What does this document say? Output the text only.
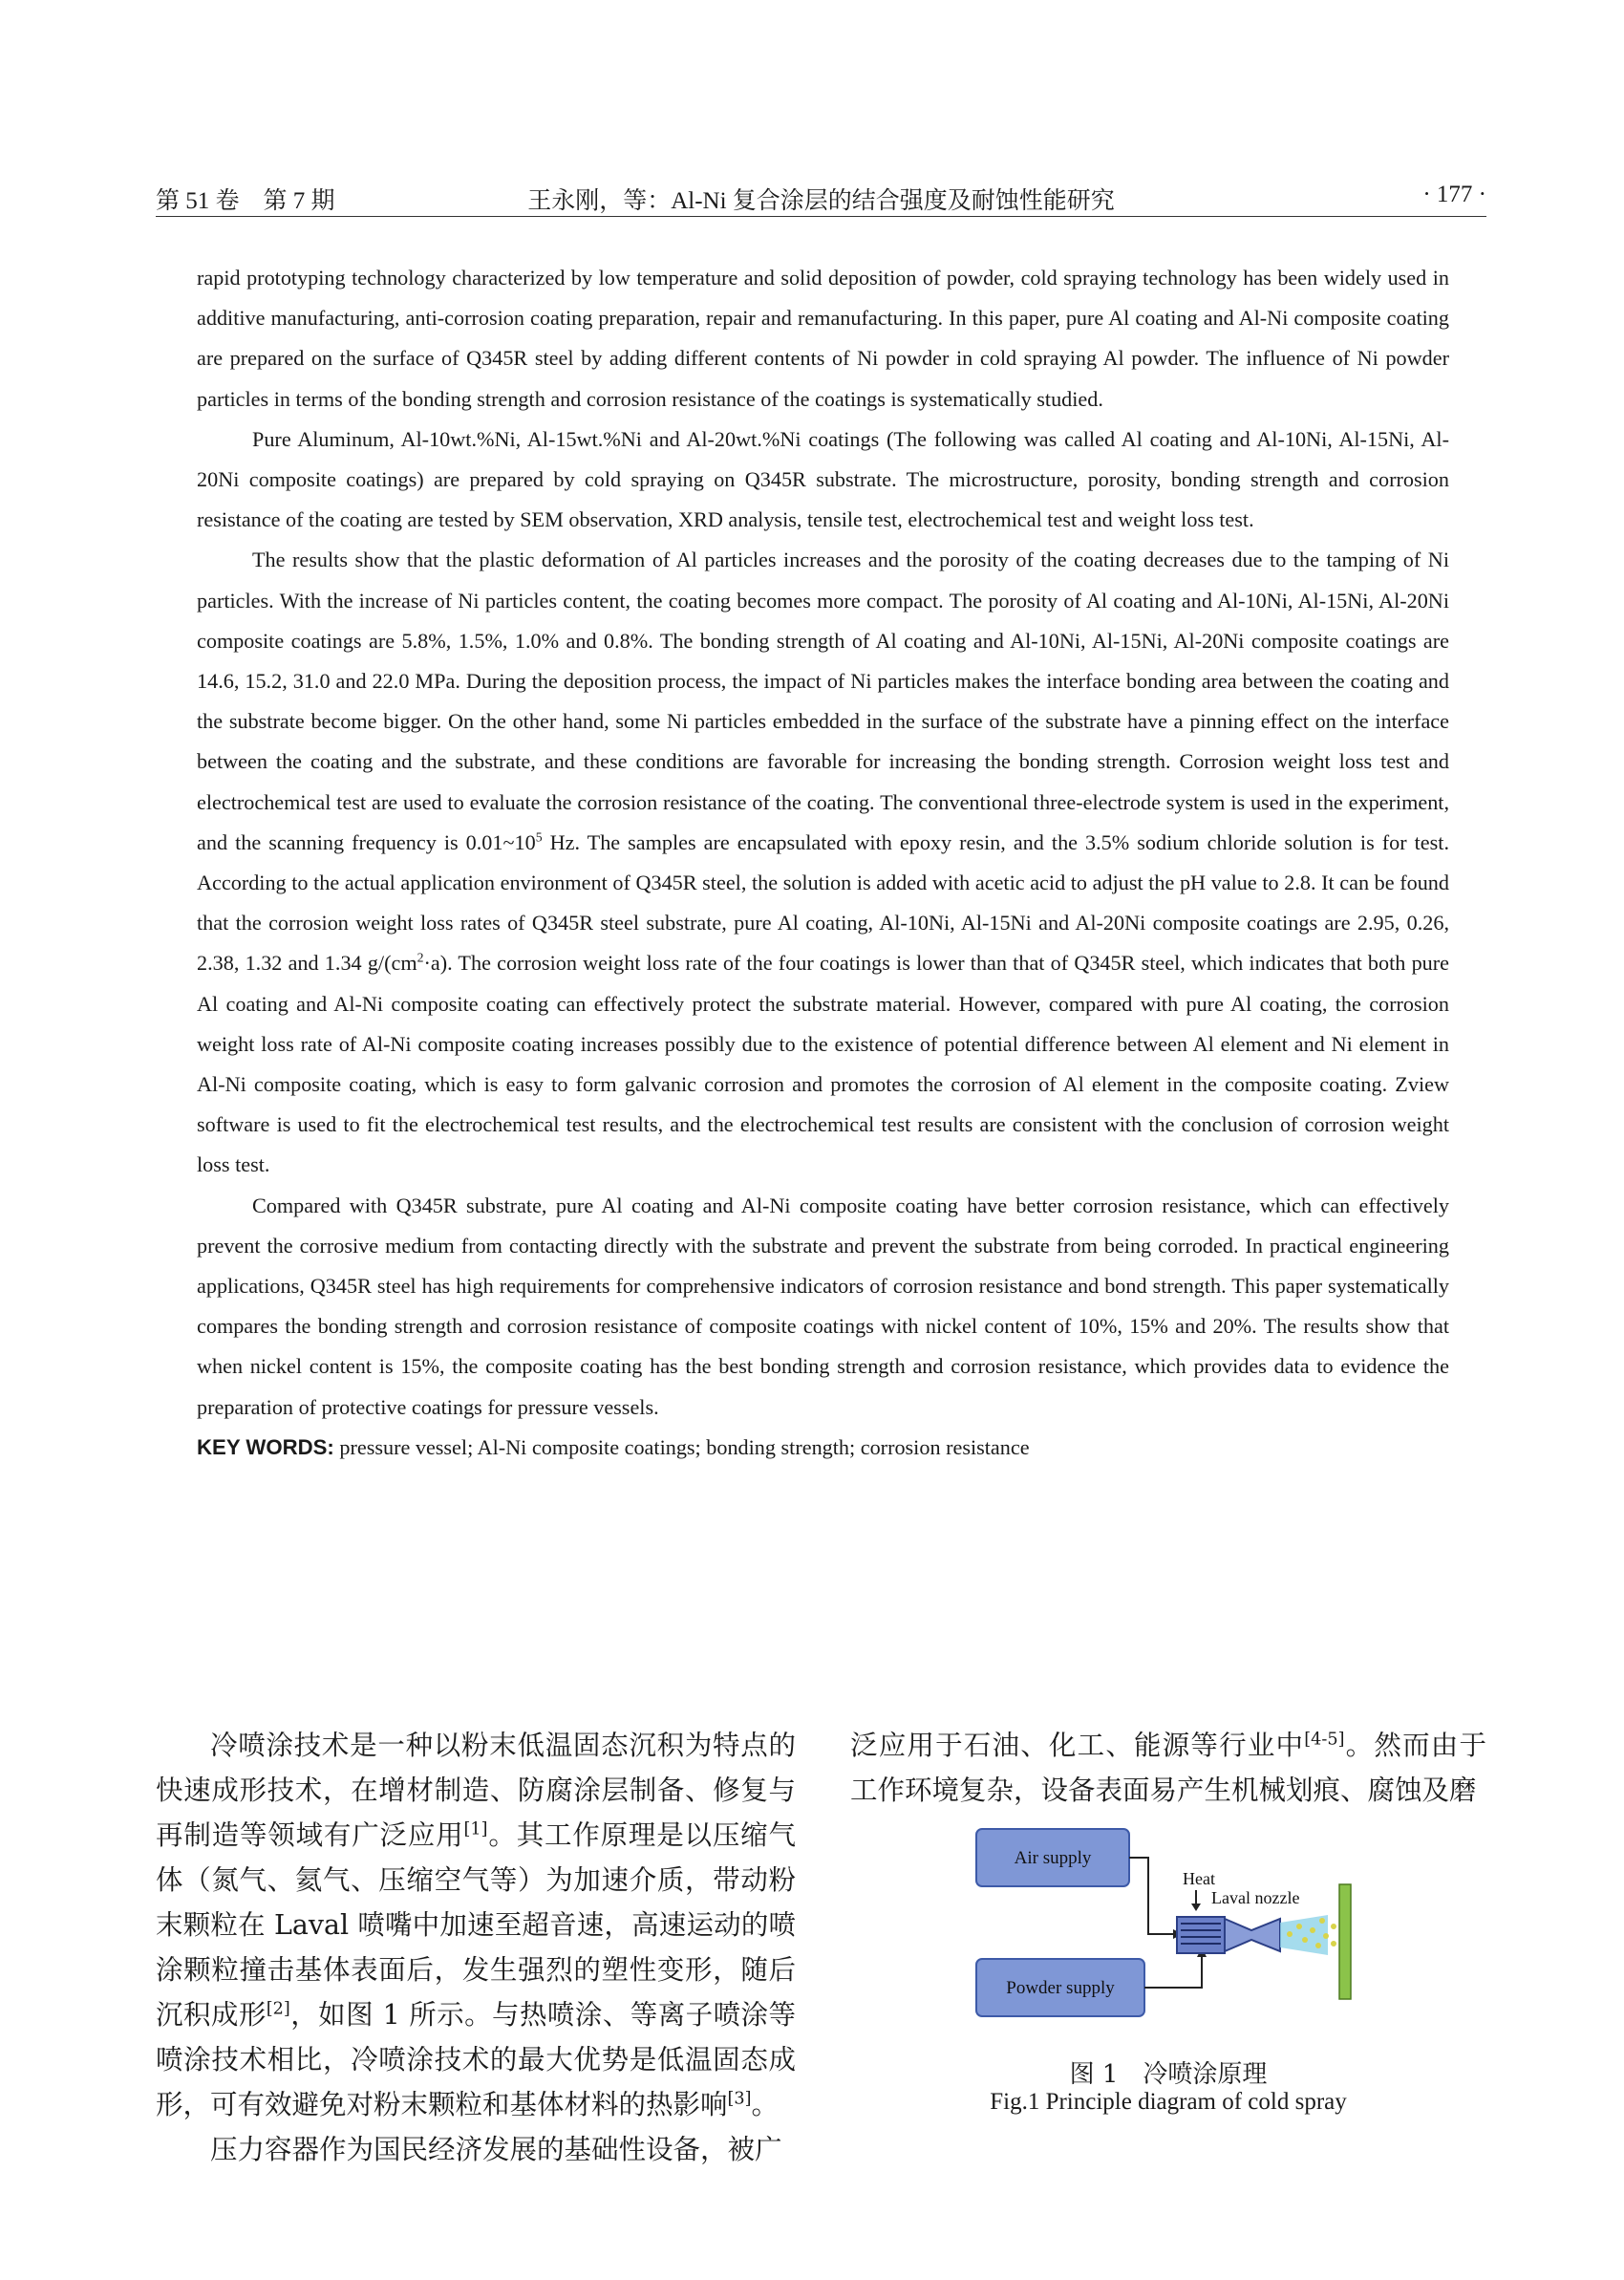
第 51 卷　第 7 期	王永刚，等：Al-Ni 复合涂层的结合强度及耐蚀性能研究	· 177 ·

rapid prototyping technology characterized by low temperature and solid deposition of powder, cold spraying technology has been widely used in additive manufacturing, anti-corrosion coating preparation, repair and remanufacturing. In this paper, pure Al coating and Al-Ni composite coating are prepared on the surface of Q345R steel by adding different contents of Ni powder in cold spraying Al powder. The influence of Ni powder particles in terms of the bonding strength and corrosion resistance of the coatings is systematically studied.

Pure Aluminum, Al-10wt.%Ni, Al-15wt.%Ni and Al-20wt.%Ni coatings (The following was called Al coating and Al-10Ni, Al-15Ni, Al-20Ni composite coatings) are prepared by cold spraying on Q345R substrate. The microstructure, porosity, bonding strength and corrosion resistance of the coating are tested by SEM observation, XRD analysis, tensile test, electrochemical test and weight loss test.

The results show that the plastic deformation of Al particles increases and the porosity of the coating decreases due to the tamping of Ni particles. With the increase of Ni particles content, the coating becomes more compact. The porosity of Al coating and Al-10Ni, Al-15Ni, Al-20Ni composite coatings are 5.8%, 1.5%, 1.0% and 0.8%. The bonding strength of Al coating and Al-10Ni, Al-15Ni, Al-20Ni composite coatings are 14.6, 15.2, 31.0 and 22.0 MPa. During the deposition process, the impact of Ni particles makes the interface bonding area between the coating and the substrate become bigger. On the other hand, some Ni particles embedded in the surface of the substrate have a pinning effect on the interface between the coating and the substrate, and these conditions are favorable for increasing the bonding strength. Corrosion weight loss test and electrochemical test are used to evaluate the corrosion resistance of the coating. The conventional three-electrode system is used in the experiment, and the scanning frequency is $0.01\sim 10^5$ Hz. The samples are encapsulated with epoxy resin, and the 3.5% sodium chloride solution is for test. According to the actual application environment of Q345R steel, the solution is added with acetic acid to adjust the pH value to 2.8. It can be found that the corrosion weight loss rates of Q345R steel substrate, pure Al coating, Al-10Ni, Al-15Ni and Al-20Ni composite coatings are 2.95, 0.26, 2.38, 1.32 and 1.34 $g/(cm^2\cdot a)$. The corrosion weight loss rate of the four coatings is lower than that of Q345R steel, which indicates that both pure Al coating and Al-Ni composite coating can effectively protect the substrate material. However, compared with pure Al coating, the corrosion weight loss rate of Al-Ni composite coating increases possibly due to the existence of potential difference between Al element and Ni element in Al-Ni composite coating, which is easy to form galvanic corrosion and promotes the corrosion of Al element in the composite coating. Zview software is used to fit the electrochemical test results, and the electrochemical test results are consistent with the conclusion of corrosion weight loss test.

Compared with Q345R substrate, pure Al coating and Al-Ni composite coating have better corrosion resistance, which can effectively prevent the corrosive medium from contacting directly with the substrate and prevent the substrate from being corroded. In practical engineering applications, Q345R steel has high requirements for comprehensive indicators of corrosion resistance and bond strength. This paper systematically compares the bonding strength and corrosion resistance of composite coatings with nickel content of 10%, 15% and 20%. The results show that when nickel content is 15%, the composite coating has the best bonding strength and corrosion resistance, which provides data to evidence the preparation of protective coatings for pressure vessels.

KEY WORDS: pressure vessel; Al-Ni composite coatings; bonding strength; corrosion resistance

冷喷涂技术是一种以粉末低温固态沉积为特点的快速成形技术，在增材制造、防腐涂层制备、修复与再制造等领域有广泛应用[1]。其工作原理是以压缩气体（氮气、氦气、压缩空气等）为加速介质，带动粉末颗粒在 Laval 喷嘴中加速至超音速，高速运动的喷涂颗粒撞击基体表面后，发生强烈的塑性变形，随后沉积成形[2]，如图 1 所示。与热喷涂、等离子喷涂等喷涂技术相比，冷喷涂技术的最大优势是低温固态成形，可有效避免对粉末颗粒和基体材料的热影响[3]。

压力容器作为国民经济发展的基础性设备，被广

泛应用于石油、化工、能源等行业中[4-5]。然而由于工作环境复杂，设备表面易产生机械划痕、腐蚀及磨

Air supply
Powder supply
Heat
Laval nozzle
图 1　冷喷涂原理
Fig.1 Principle diagram of cold spray
